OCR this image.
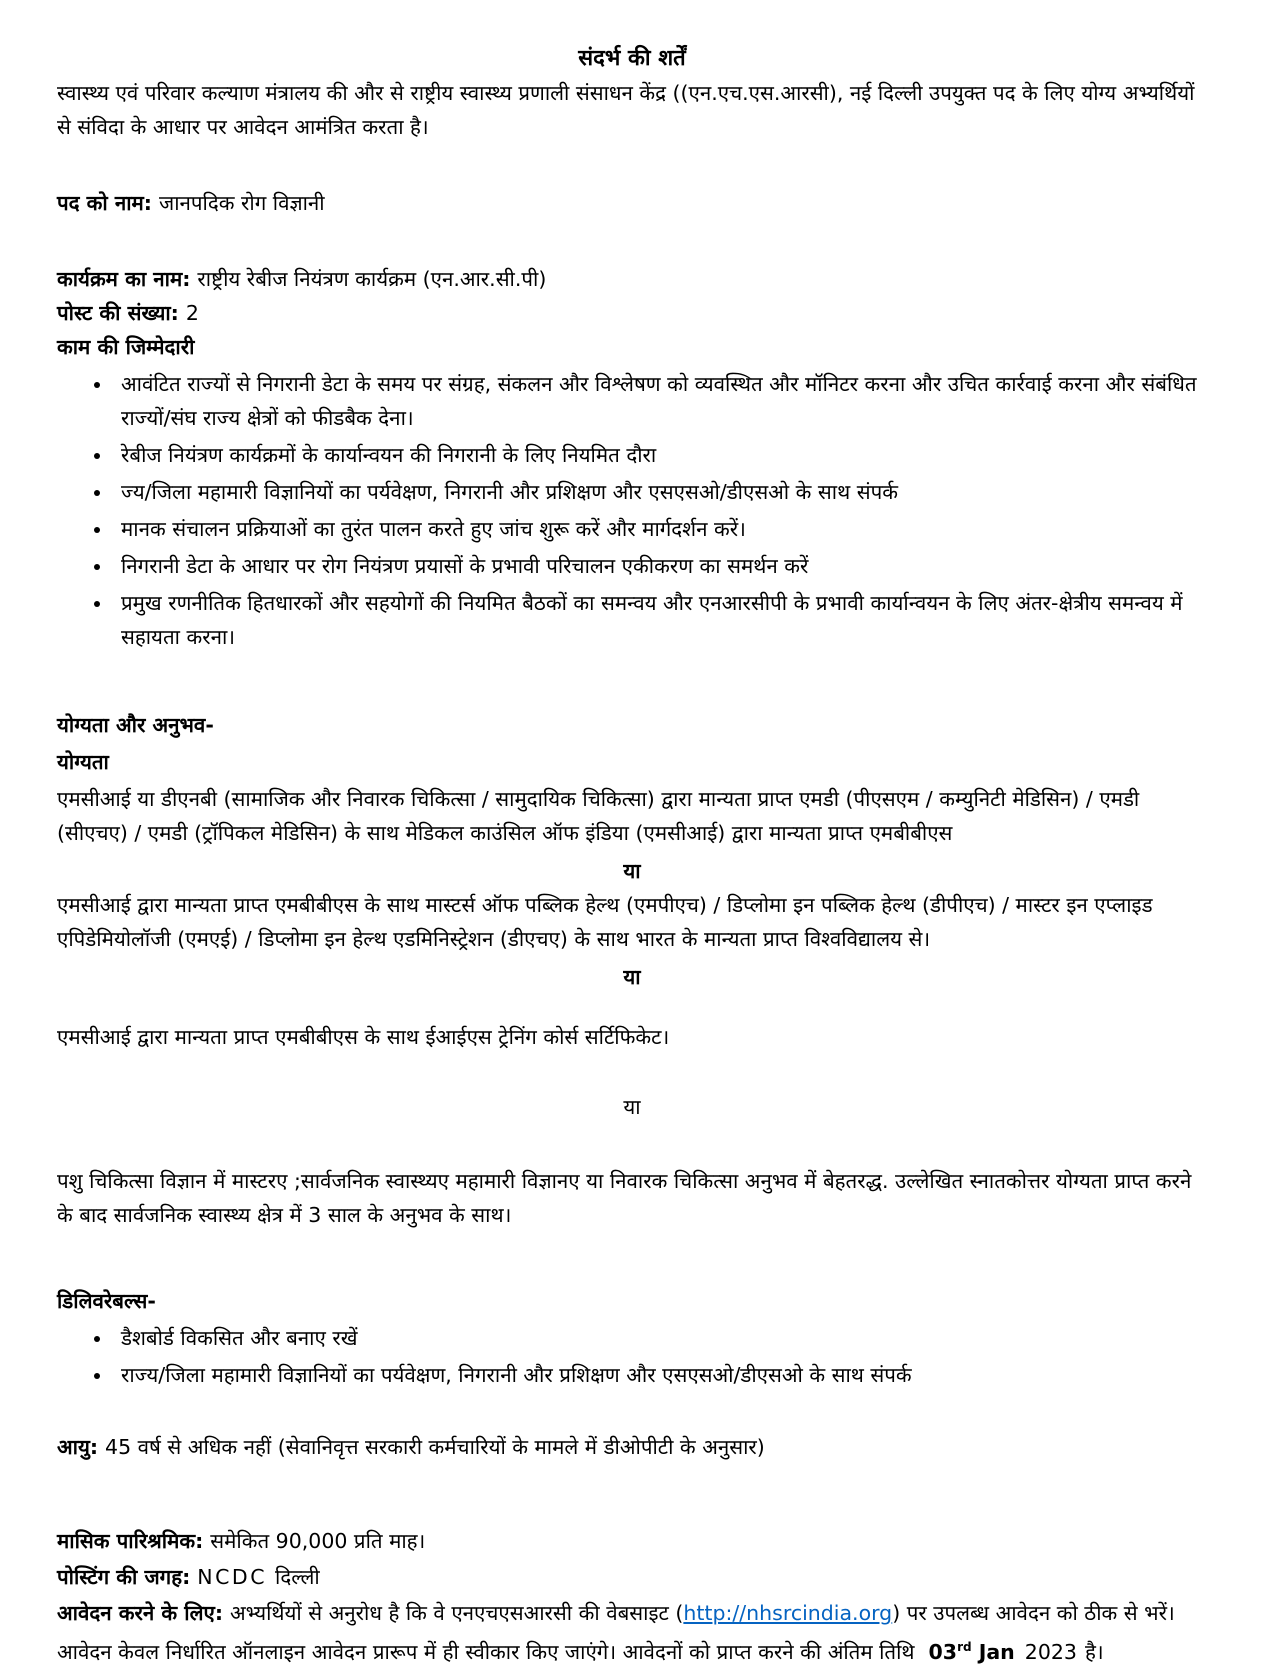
संदर्भ की शर्तें

स्वास्थ्य एवं परिवार कल्याण मंत्रालय की और से राष्ट्रीय स्वास्थ्य प्रणाली संसाधन केंद्र ((एन.एच.एस.आरसी), नई दिल्ली उपयुक्त पद के लिए योग्य अभ्यर्थियों से संविदा के आधार पर आवेदन आमंत्रित करता है।

पद को नाम: जानपदिक रोग विज्ञानी

कार्यक्रम का नाम: राष्ट्रीय रेबीज नियंत्रण कार्यक्रम (एन.आर.सी.पी)

पोस्ट की संख्या: 2

काम की जिम्मेदारी
• आवंटित राज्यों से निगरानी डेटा के समय पर संग्रह, संकलन और विश्लेषण को व्यवस्थित और मॉनिटर करना और उचित कार्रवाई करना और संबंधित राज्यों/संघ राज्य क्षेत्रों को फीडबैक देना।
• रेबीज नियंत्रण कार्यक्रमों के कार्यान्वयन की निगरानी के लिए नियमित दौरा
• ज्य/जिला महामारी विज्ञानियों का पर्यवेक्षण, निगरानी और प्रशिक्षण और एसएसओ/डीएसओ के साथ संपर्क
• मानक संचालन प्रक्रियाओं का तुरंत पालन करते हुए जांच शुरू करें और मार्गदर्शन करें।
• निगरानी डेटा के आधार पर रोग नियंत्रण प्रयासों के प्रभावी परिचालन एकीकरण का समर्थन करें
• प्रमुख रणनीतिक हितधारकों और सहयोगों की नियमित बैठकों का समन्वय और एनआरसीपी के प्रभावी कार्यान्वयन के लिए अंतर-क्षेत्रीय समन्वय में सहायता करना।
योग्यता और अनुभव-
योग्यता

एमसीआई या डीएनबी (सामाजिक और निवारक चिकित्सा / सामुदायिक चिकित्सा) द्वारा मान्यता प्राप्त एमडी (पीएसएम / कम्युनिटी मेडिसिन) / एमडी (सीएचए) / एमडी (ट्रॉपिकल मेडिसिन) के साथ मेडिकल काउंसिल ऑफ इंडिया (एमसीआई) द्वारा मान्यता प्राप्त एमबीबीएस

या

एमसीआई द्वारा मान्यता प्राप्त एमबीबीएस के साथ मास्टर्स ऑफ पब्लिक हेल्थ (एमपीएच) / डिप्लोमा इन पब्लिक हेल्थ (डीपीएच) / मास्टर इन एप्लाइड एपिडेमियोलॉजी (एमएई) / डिप्लोमा इन हेल्थ एडमिनिस्ट्रेशन (डीएचए) के साथ भारत के मान्यता प्राप्त विश्वविद्यालय से।

या

एमसीआई द्वारा मान्यता प्राप्त एमबीबीएस के साथ ईआईएस ट्रेनिंग कोर्स सर्टिफिकेट।

या

पशु चिकित्सा विज्ञान में मास्टरए ;सार्वजनिक स्वास्थ्यए महामारी विज्ञानए या निवारक चिकित्सा अनुभव में बेहतरद्ध. उल्लेखित स्नातकोत्तर योग्यता प्राप्त करने के बाद सार्वजनिक स्वास्थ्य क्षेत्र में 3 साल के अनुभव के साथ।

डिलिवरेबल्स-
• डैशबोर्ड विकसित और बनाए रखें
• राज्य/जिला महामारी विज्ञानियों का पर्यवेक्षण, निगरानी और प्रशिक्षण और एसएसओ/डीएसओ के साथ संपर्क

आयु: 45 वर्ष से अधिक नहीं (सेवानिवृत्त सरकारी कर्मचारियों के मामले में डीओपीटी के अनुसार)

मासिक पारिश्रमिक: समेकित 90,000 प्रति माह।

पोस्टिंग की जगह: NCDC दिल्ली

आवेदन करने के लिए: अभ्यर्थियों से अनुरोध है कि वे एनएचएसआरसी की वेबसाइट (http://nhsrcindia.org) पर उपलब्ध आवेदन को ठीक से भरें। आवेदन केवल निर्धारित ऑनलाइन आवेदन प्रारूप में ही स्वीकार किए जाएंगे। आवेदनों को प्राप्त करने की अंतिम तिथि 03rd Jan 2023 है।
